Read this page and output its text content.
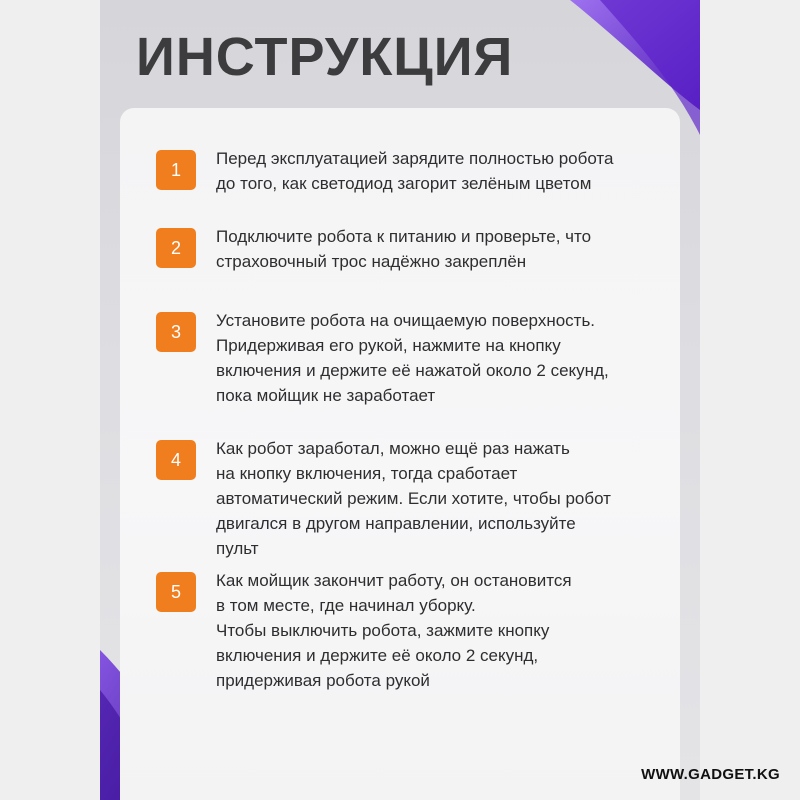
ИНСТРУКЦИЯ
1

Перед эксплуатацией зарядите полностью робота
до того, как светодиод загорит зелёным цветом

2

Подключите робота к питанию и проверьте, что
страховочный трос надёжно закреплён

3

Установите робота на очищаемую поверхность.
Придерживая его рукой, нажмите на кнопку
включения и держите её нажатой около 2 секунд,
пока мойщик не заработает

4

Как робот заработал, можно ещё раз нажать
на кнопку включения, тогда сработает
автоматический режим. Если хотите, чтобы робот
двигался в другом направлении, используйте пульт

5

Как мойщик закончит работу, он остановится
в том месте, где начинал уборку.
Чтобы выключить робота, зажмите кнопку
включения и держите её около 2 секунд,
придерживая робота рукой

WWW.GADGET.KG
